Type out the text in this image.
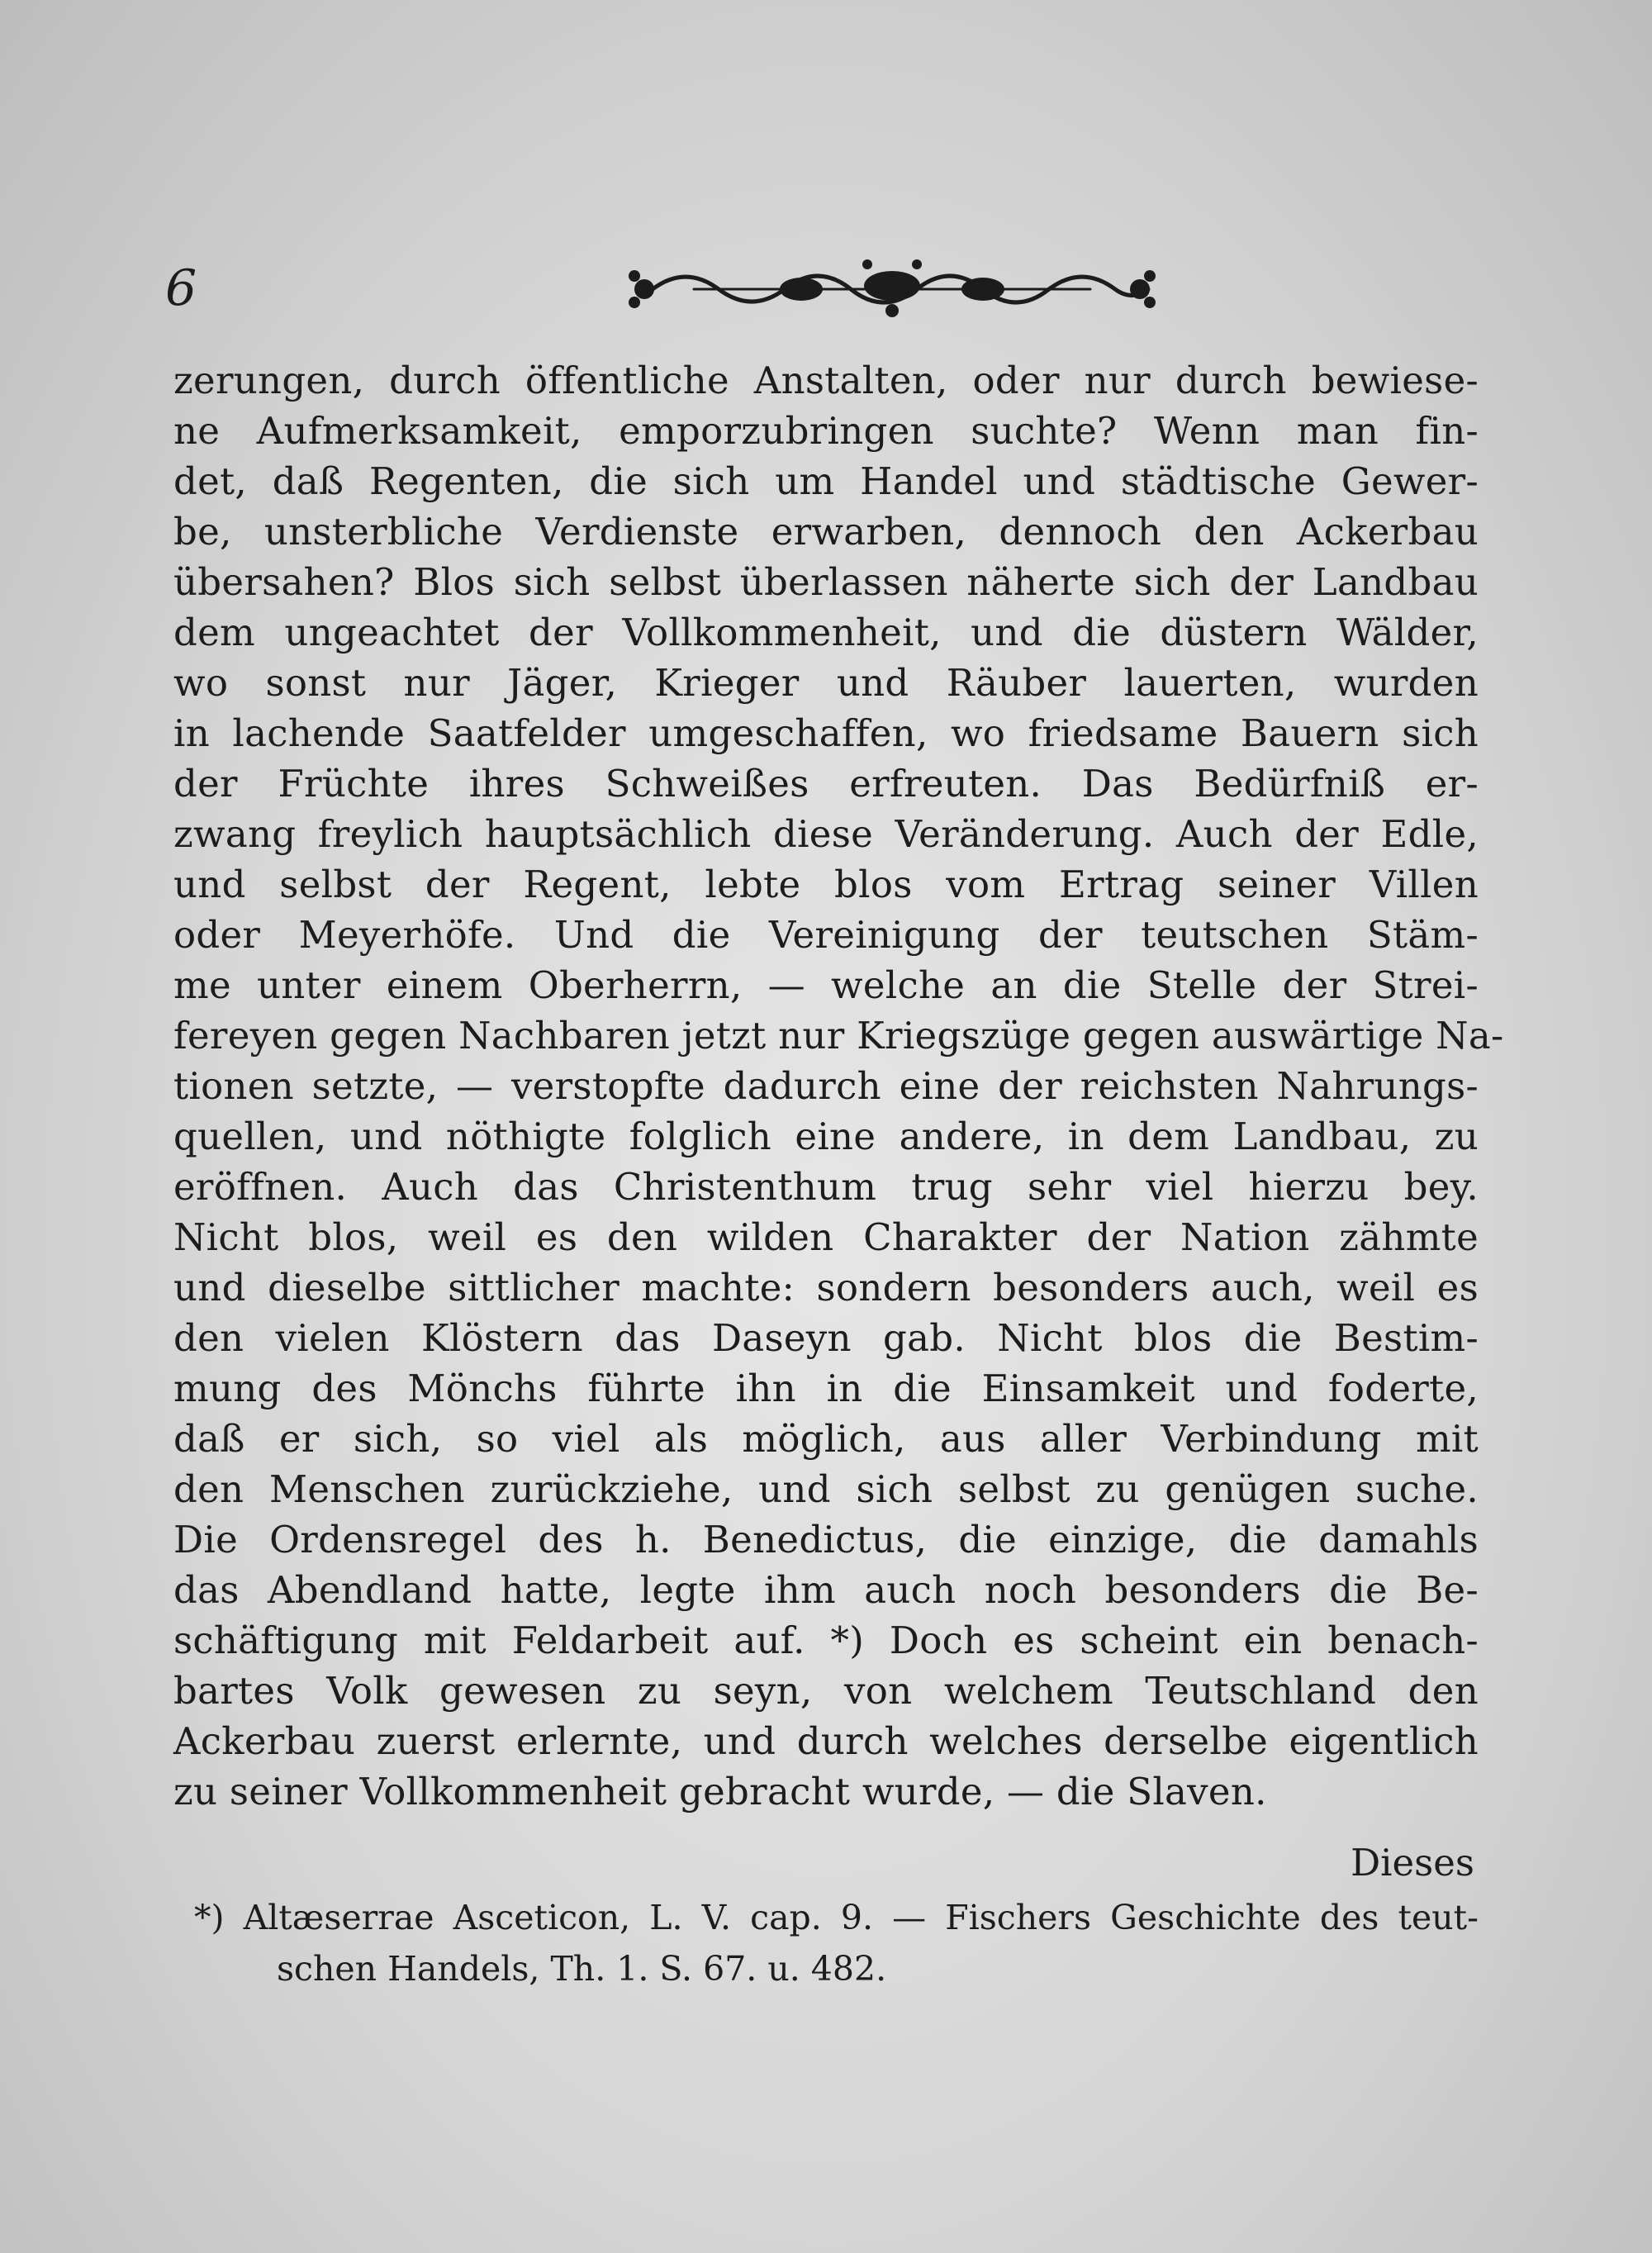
6
zerungen, durch öffentliche Anstalten, oder nur durch bewiese-
ne Aufmerksamkeit, emporzubringen suchte? Wenn man fin-
det, daß Regenten, die sich um Handel und städtische Gewer-
be, unsterbliche Verdienste erwarben, dennoch den Ackerbau
übersahen? Blos sich selbst überlassen näherte sich der Landbau
dem ungeachtet der Vollkommenheit, und die düstern Wälder,
wo sonst nur Jäger, Krieger und Räuber lauerten, wurden
in lachende Saatfelder umgeschaffen, wo friedsame Bauern sich
der Früchte ihres Schweißes erfreuten. Das Bedürfniß er-
zwang freylich hauptsächlich diese Veränderung. Auch der Edle,
und selbst der Regent, lebte blos vom Ertrag seiner Villen
oder Meyerhöfe. Und die Vereinigung der teutschen Stäm-
me unter einem Oberherrn, — welche an die Stelle der Strei-
fereyen gegen Nachbaren jetzt nur Kriegszüge gegen auswärtige Na-
tionen setzte, — verstopfte dadurch eine der reichsten Nahrungs-
quellen, und nöthigte folglich eine andere, in dem Landbau, zu
eröffnen. Auch das Christenthum trug sehr viel hierzu bey.
Nicht blos, weil es den wilden Charakter der Nation zähmte
und dieselbe sittlicher machte: sondern besonders auch, weil es
den vielen Klöstern das Daseyn gab. Nicht blos die Bestim-
mung des Mönchs führte ihn in die Einsamkeit und foderte,
daß er sich, so viel als möglich, aus aller Verbindung mit
den Menschen zurückziehe, und sich selbst zu genügen suche.
Die Ordensregel des h. Benedictus, die einzige, die damahls
das Abendland hatte, legte ihm auch noch besonders die Be-
schäftigung mit Feldarbeit auf. *) Doch es scheint ein benach-
bartes Volk gewesen zu seyn, von welchem Teutschland den
Ackerbau zuerst erlernte, und durch welches derselbe eigentlich
zu seiner Vollkommenheit gebracht wurde, — die Slaven.
Dieses
*) Altæserrae Asceticon, L. V. cap. 9. — Fischers Geschichte des teut-
schen Handels, Th. 1. S. 67. u. 482.
